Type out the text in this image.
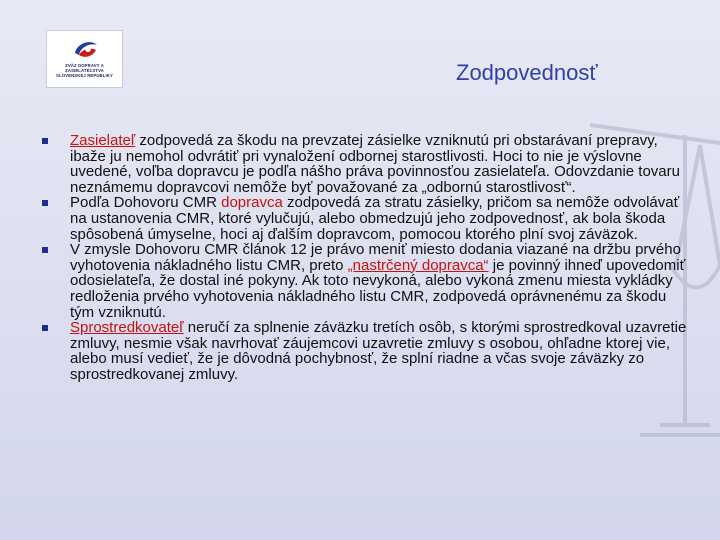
ZVÄZ DOPRAVY A ZASIELATEĽSTVA SLOVENSKEJ REPUBLIKY	Zodpovednosť
Zasielateľ zodpovedá za škodu na prevzatej zásielke vzniknutú pri obstarávaní prepravy, ibaže ju nemohol odvrátiť pri vynaložení odbornej starostlivosti. Hoci to nie je výslovne uvedené, voľba dopravcu je podľa nášho práva povinnosťou zasielateľa. Odovzdanie tovaru neznámemu dopravcovi nemôže byť považované za „odbornú starostlivosť“.
Podľa Dohovoru CMR dopravca zodpovedá za stratu zásielky, pričom sa nemôže odvolávať na ustanovenia CMR, ktoré vylučujú, alebo obmedzujú jeho zodpovednosť, ak bola škoda spôsobená úmyselne, hoci aj ďalším dopravcom, pomocou ktorého plní svoj záväzok.
V zmysle Dohovoru CMR článok 12 je právo meniť miesto dodania viazané na držbu prvého vyhotovenia nákladného listu CMR, preto „nastrčený dopravca“ je povinný ihneď upovedomiť odosielateľa, že dostal iné pokyny. Ak toto nevykoná, alebo vykoná zmenu miesta vykládky redloženia prvého vyhotovenia nákladného listu CMR, zodpovedá oprávnenému za škodu tým vzniknutú.
Sprostredkovateľ neručí za splnenie záväzku tretích osôb, s ktorými sprostredkoval uzavretie zmluvy, nesmie však navrhovať záujemcovi uzavretie zmluvy s osobou, ohľadne ktorej vie, alebo musí vedieť, že je dôvodná pochybnosť, že splní riadne a včas svoje záväzky zo sprostredkovanej zmluvy.
